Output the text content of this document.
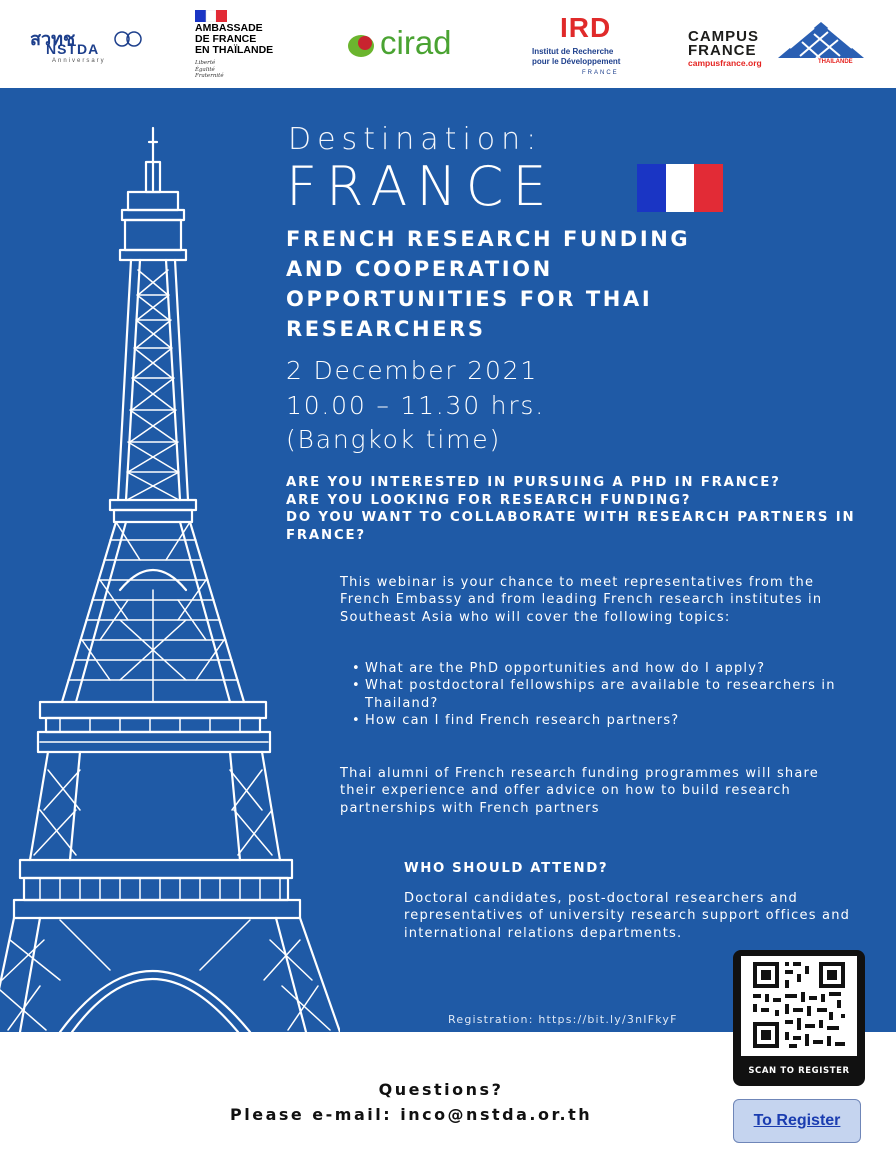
สวทช
NSTDA
Anniversary
AMBASSADE
DE FRANCE
EN THAÏLANDE
Liberté
Égalité
Fraternité
cirad	IRD
Institut de Recherche
pour le Développement
FRANCE
CAMPUS
FRANCE
campusfrance.org	THAÏLANDE
Destination:
FRANCE
FRENCH RESEARCH FUNDING
AND COOPERATION
OPPORTUNITIES FOR THAI
RESEARCHERS
2 December 2021
10.00 – 11.30 hrs.
(Bangkok time)
ARE YOU INTERESTED IN PURSUING A PHD IN FRANCE?
ARE YOU LOOKING FOR RESEARCH FUNDING?
DO YOU WANT TO COLLABORATE WITH RESEARCH PARTNERS IN FRANCE?
This webinar is your chance to meet representatives from the French Embassy and from leading French research institutes in Southeast Asia who will cover the following topics:
• What are the PhD opportunities and how do I apply?
• What postdoctoral fellowships are available to researchers in Thailand?
• How can I find French research partners?
Thai alumni of French research funding programmes will share their experience and offer advice on how to build research partnerships with French partners
WHO SHOULD ATTEND?
Doctoral candidates, post-doctoral researchers and representatives of university research support offices and international relations departments.
Registration: https://bit.ly/3nIFkyF
SCAN TO REGISTER
Questions?
Please e-mail: inco@nstda.or.th	To Register
